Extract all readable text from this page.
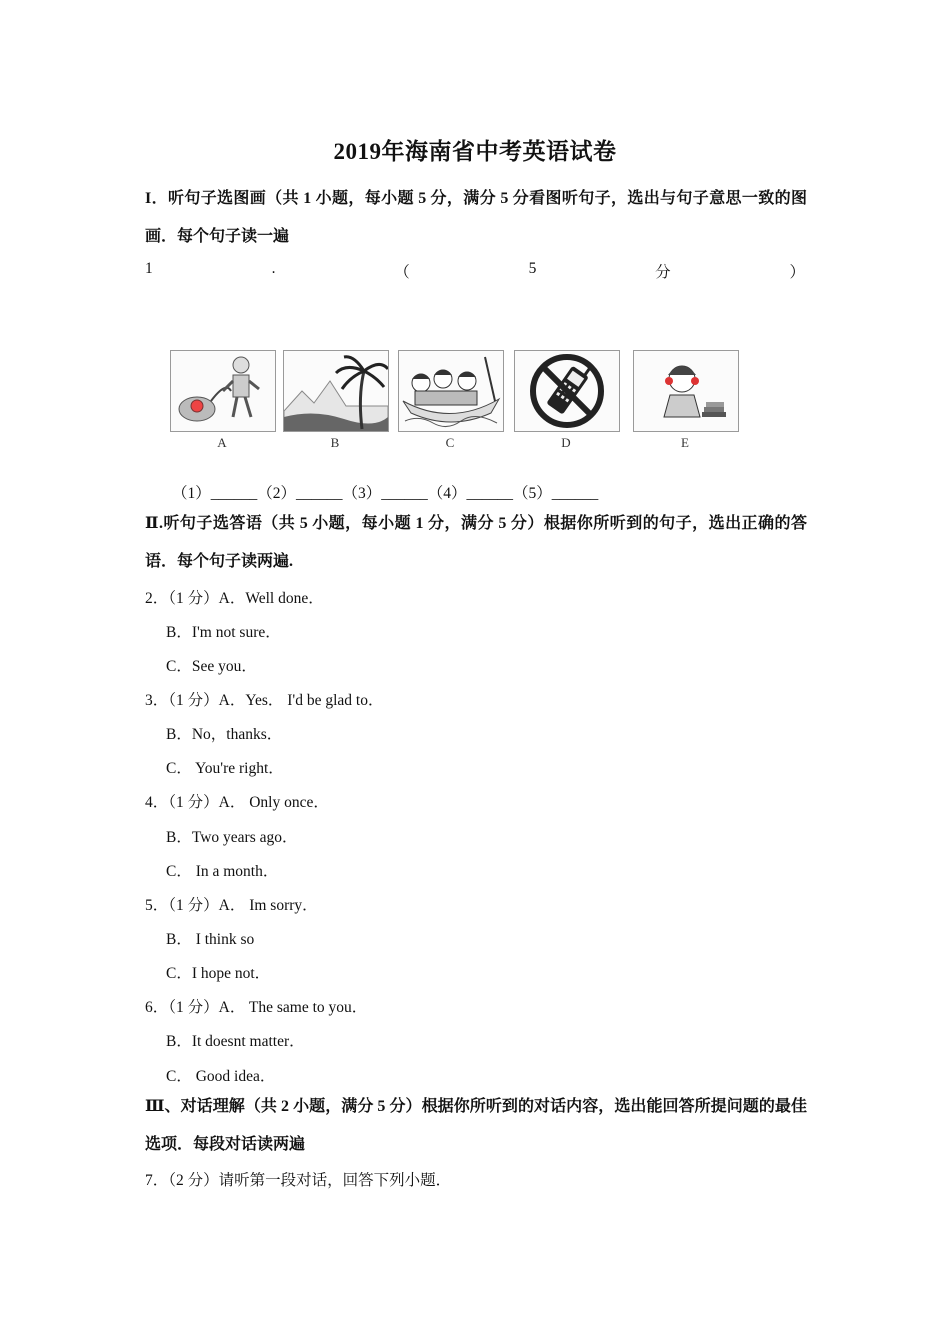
2019年海南省中考英语试卷
I．听句子选图画（共 1 小题，每小题 5 分，满分 5 分看图听句子，选出与句子意思一致的图画．每个句子读一遍
1	.	（	5	分	）
A	B	C	D	E
（1）______（2）______（3）______（4）______（5）______
Ⅱ.听句子选答语（共 5 小题，每小题 1 分，满分 5 分）根据你所听到的句子，选出正确的答语．每个句子读两遍.
2．（1 分）A．Well done．
B．I'm not sure．
C．See you．
3．（1 分）A．Yes． I'd be glad to．
B．No，thanks．
C． You're right．
4．（1 分）A． Only once．
B．Two years ago．
C． In a month．
5．（1 分）A． Im sorry．
B． I think so
C．I hope not．
6．（1 分）A． The same to you．
B．It doesnt matter．
C． Good idea．
Ⅲ、对话理解（共 2 小题，满分 5 分）根据你所听到的对话内容，选出能回答所提问题的最佳选项．每段对话读两遍
7．（2 分）请听第一段对话，回答下列小题．
